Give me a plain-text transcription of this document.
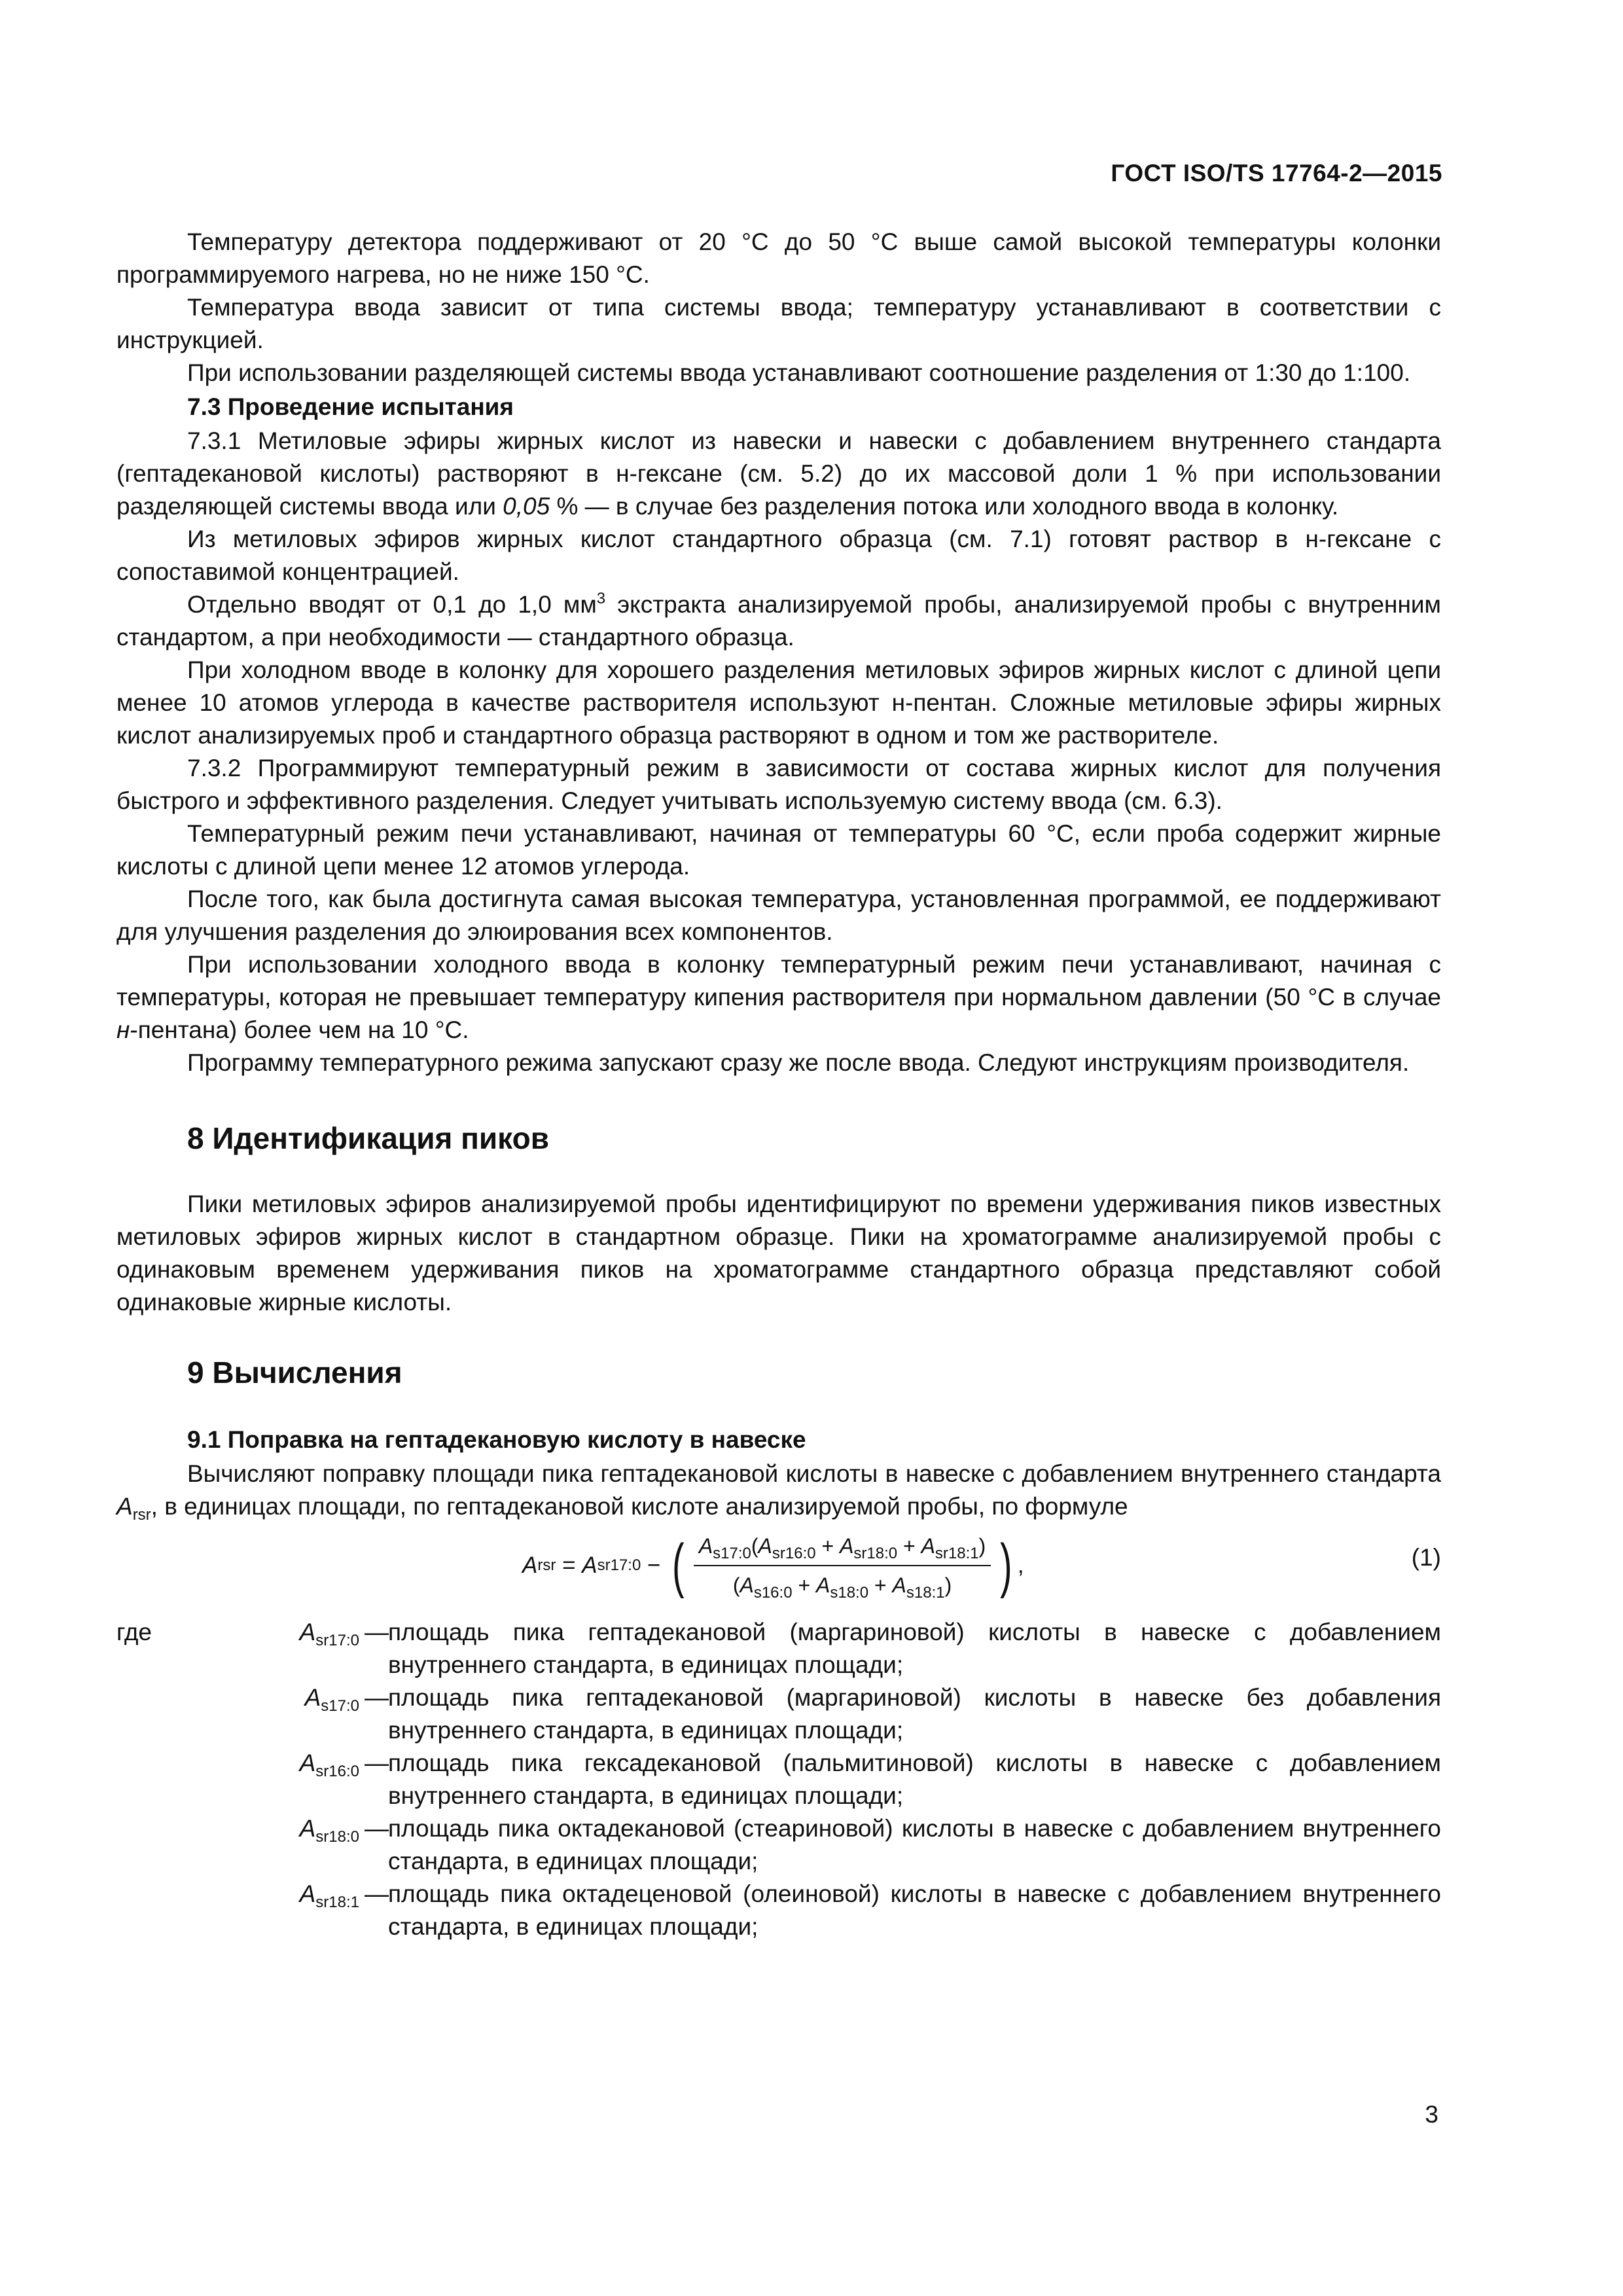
ГОСТ ISO/TS 17764-2—2015

Температуру детектора поддерживают от 20 °С до 50 °С выше самой высокой температуры колонки программируемого нагрева, но не ниже 150 °С.

Температура ввода зависит от типа системы ввода; температуру устанавливают в соответствии с инструкцией.

При использовании разделяющей системы ввода устанавливают соотношение разделения от 1:30 до 1:100.

7.3 Проведение испытания

7.3.1 Метиловые эфиры жирных кислот из навески и навески с добавлением внутреннего стандарта (гептадекановой кислоты) растворяют в н-гексане (см. 5.2) до их массовой доли 1 % при использовании разделяющей системы ввода или 0,05 % — в случае без разделения потока или холодного ввода в колонку.

Из метиловых эфиров жирных кислот стандартного образца (см. 7.1) готовят раствор в н-гексане с сопоставимой концентрацией.

Отдельно вводят от 0,1 до 1,0 $мм^3$ экстракта анализируемой пробы, анализируемой пробы с внутренним стандартом, а при необходимости — стандартного образца.

При холодном вводе в колонку для хорошего разделения метиловых эфиров жирных кислот с длиной цепи менее 10 атомов углерода в качестве растворителя используют н-пентан. Сложные метиловые эфиры жирных кислот анализируемых проб и стандартного образца растворяют в одном и том же растворителе.

7.3.2 Программируют температурный режим в зависимости от состава жирных кислот для получения быстрого и эффективного разделения. Следует учитывать используемую систему ввода (см. 6.3).

Температурный режим печи устанавливают, начиная от температуры 60 °С, если проба содержит жирные кислоты с длиной цепи менее 12 атомов углерода.

После того, как была достигнута самая высокая температура, установленная программой, ее поддерживают для улучшения разделения до элюирования всех компонентов.

При использовании холодного ввода в колонку температурный режим печи устанавливают, начиная с температуры, которая не превышает температуру кипения растворителя при нормальном давлении (50 °С в случае н-пентана) более чем на 10 °С.

Программу температурного режима запускают сразу же после ввода. Следуют инструкциям производителя.

8 Идентификация пиков

Пики метиловых эфиров анализируемой пробы идентифицируют по времени удерживания пиков известных метиловых эфиров жирных кислот в стандартном образце. Пики на хроматограмме анализируемой пробы с одинаковым временем удерживания пиков на хроматограмме стандартного образца представляют собой одинаковые жирные кислоты.

9 Вычисления

9.1 Поправка на гептадекановую кислоту в навеске

Вычисляют поправку площади пика гептадекановой кислоты в навеске с добавлением внутреннего стандарта $A_{rsr}$, в единицах площади, по гептадекановой кислоте анализируемой пробы, по формуле

A rsr = A sr17:0 − ( $\frac{A_{s17:0}(A_{sr16:0} + A_{sr18:0} + A_{sr18:1})}{(A_{s16:0} + A_{s18:0} + A_{s18:1})}$ ) ,	(1)
где	$A_{sr17:0}$ — площадь пика гептадекановой (маргариновой) кислоты в навеске с добавлением внутреннего стандарта, в единицах площади;
$A_{s17:0}$ — площадь пика гептадекановой (маргариновой) кислоты в навеске без добавления внутреннего стандарта, в единицах площади;
$A_{sr16:0}$ — площадь пика гексадекановой (пальмитиновой) кислоты в навеске с добавлением внутреннего стандарта, в единицах площади;
$A_{sr18:0}$ — площадь пика октадекановой (стеариновой) кислоты в навеске с добавлением внутреннего стандарта, в единицах площади;
$A_{sr18:1}$ — площадь пика октадеценовой (олеиновой) кислоты в навеске с добавлением внутреннего стандарта, в единицах площади;
3
